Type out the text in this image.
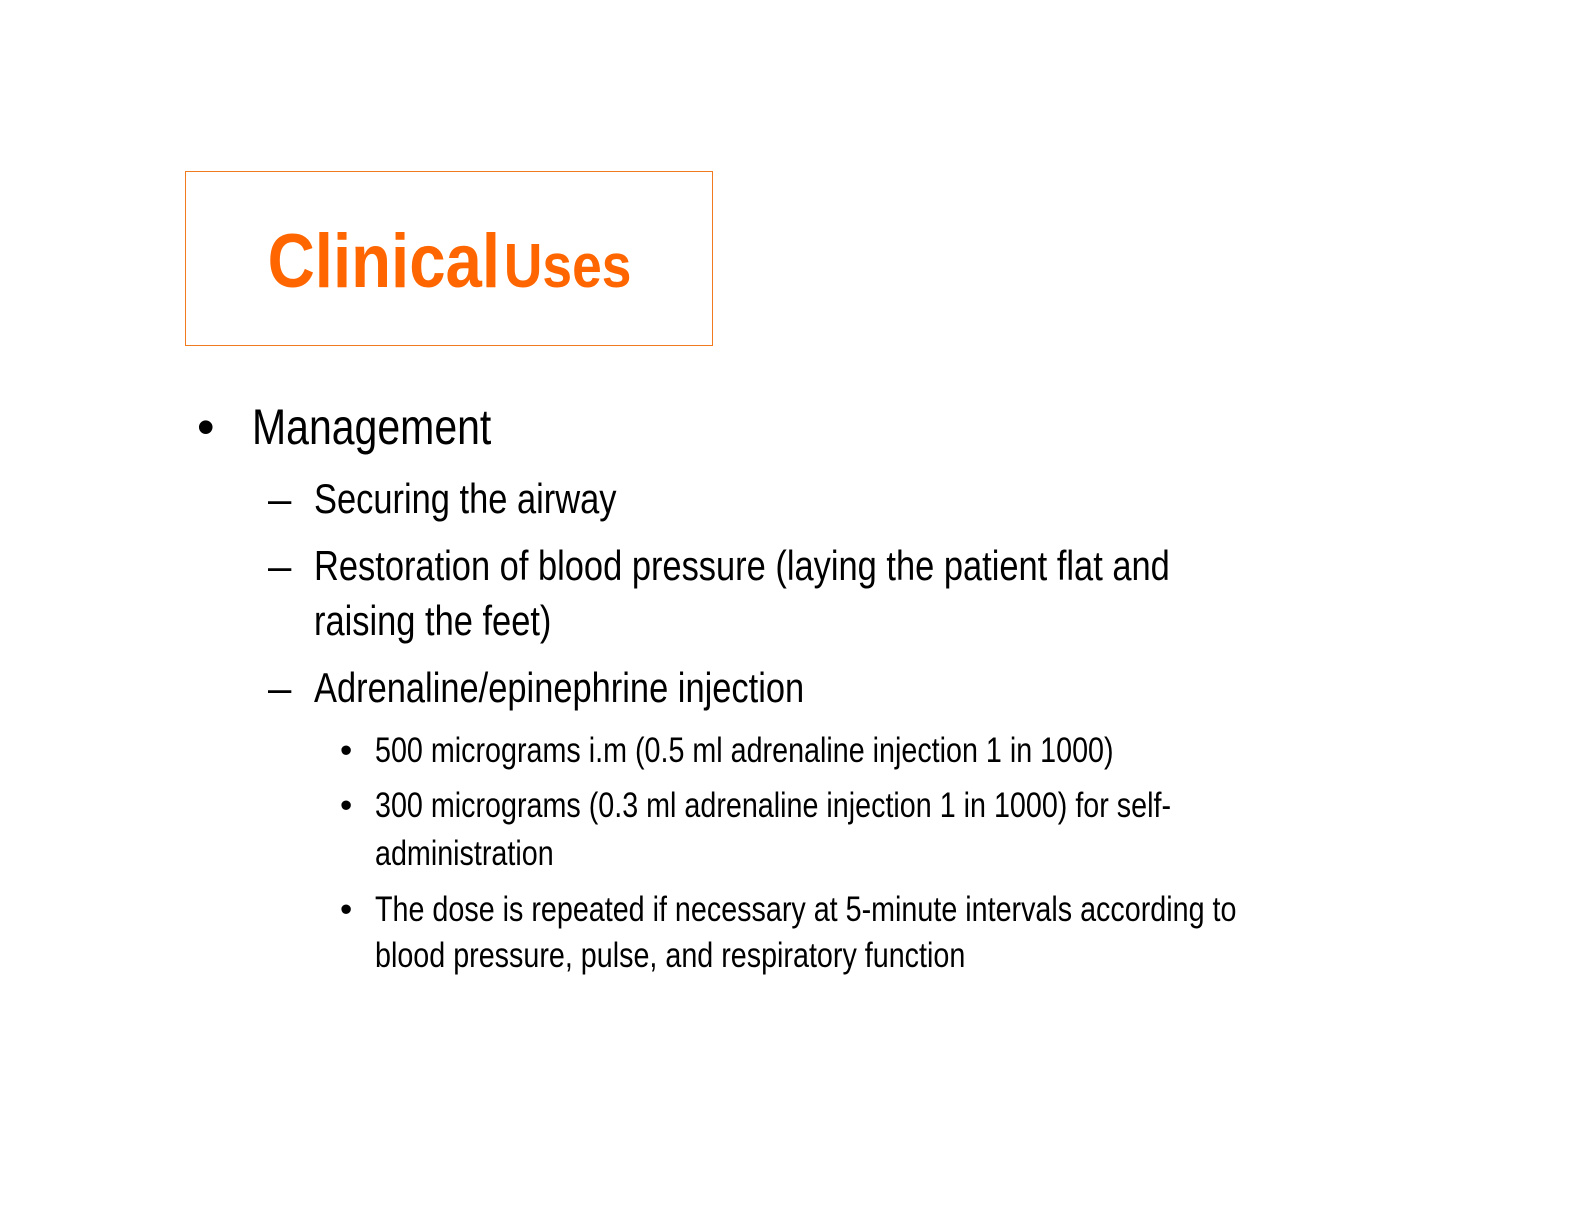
Clinical Uses
• Management
– Securing the airway
– Restoration of blood pressure (laying the patient flat and
raising the feet)
– Adrenaline/epinephrine injection
• 500 micrograms i.m (0.5 ml adrenaline injection 1 in 1000)
• 300 micrograms (0.3 ml adrenaline injection 1 in 1000) for self-
administration
• The dose is repeated if necessary at 5-minute intervals according to
blood pressure, pulse, and respiratory function
